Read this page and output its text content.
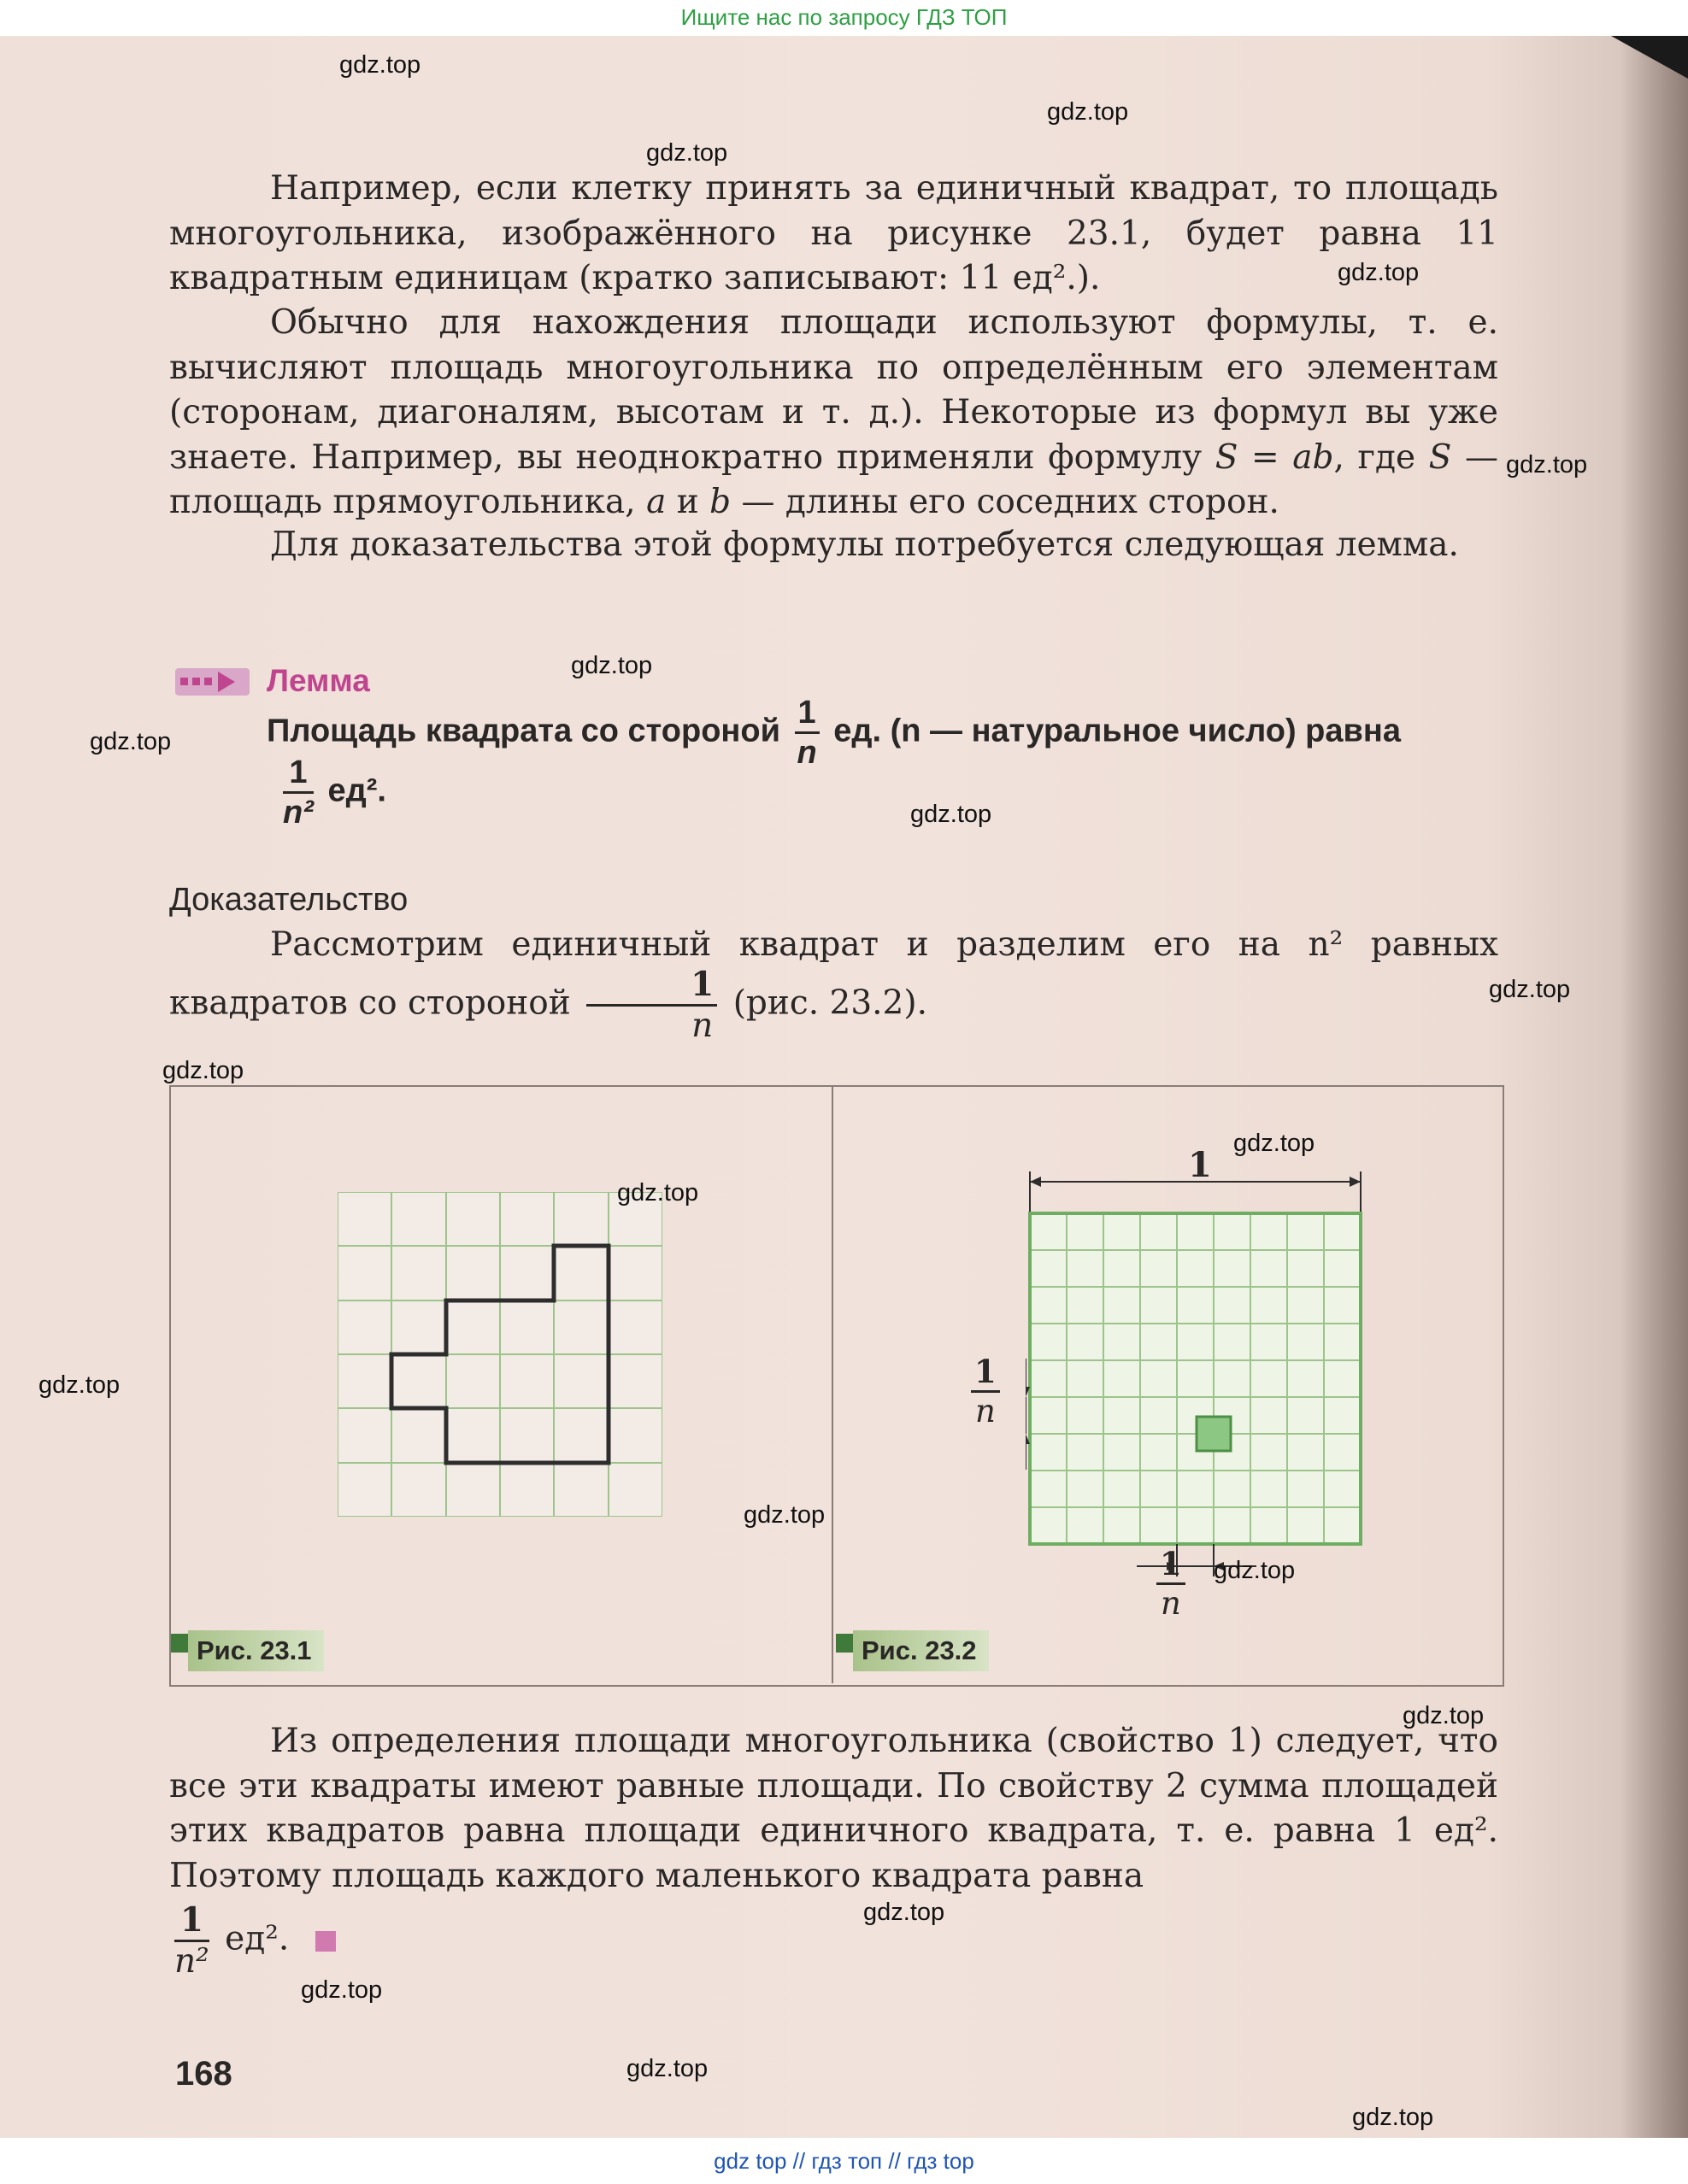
Ищите нас по запросу ГДЗ ТОП
Например, если клетку принять за единичный квадрат, то площадь многоугольника, изображённого на рисунке 23.1, будет равна 11 квадратным единицам (кратко записывают: 11 ед².).
Обычно для нахождения площади используют формулы, т. е. вычисляют площадь многоугольника по определённым его элементам (сторонам, диагоналям, высотам и т. д.). Некоторые из формул вы уже знаете. Например, вы неоднократно применяли формулу S = ab, где S — площадь прямоугольника, a и b — длины его соседних сторон.
Для доказательства этой формулы потребуется следующая лемма.
Лемма
Площадь квадрата со стороной $\frac{1}{n}$ ед. (n — натуральное число) равна
$\frac{1}{\text{n²}} ед^2$.
Доказательство
Рассмотрим единичный квадрат и разделим его на n² равных квадратов со стороной $\frac{1}{n} (рис$. 23.2).
1
$\frac{1}{n}$
$\frac{1}{n}$
Рис. 23.1	Рис. 23.2
Из определения площади многоугольника (свойство 1) следует, что все эти квадраты имеют равные площади. По свойству 2 сумма площадей этих квадратов равна площади единичного квадрата, т. е. равна 1 ед². Поэтому площадь каждого маленького квадрата равна
$\frac{1}{\text{n²}} ед^2$.
168
gdz.top
gdz.top
gdz.top
gdz.top
gdz.top
gdz.top
gdz.top
gdz.top
gdz.top
gdz.top
gdz.top
gdz.top
gdz.top
gdz.top
gdz.top
gdz.top
gdz.top
gdz.top
gdz.top
gdz.top
gdz top // гдз топ // гдз top
